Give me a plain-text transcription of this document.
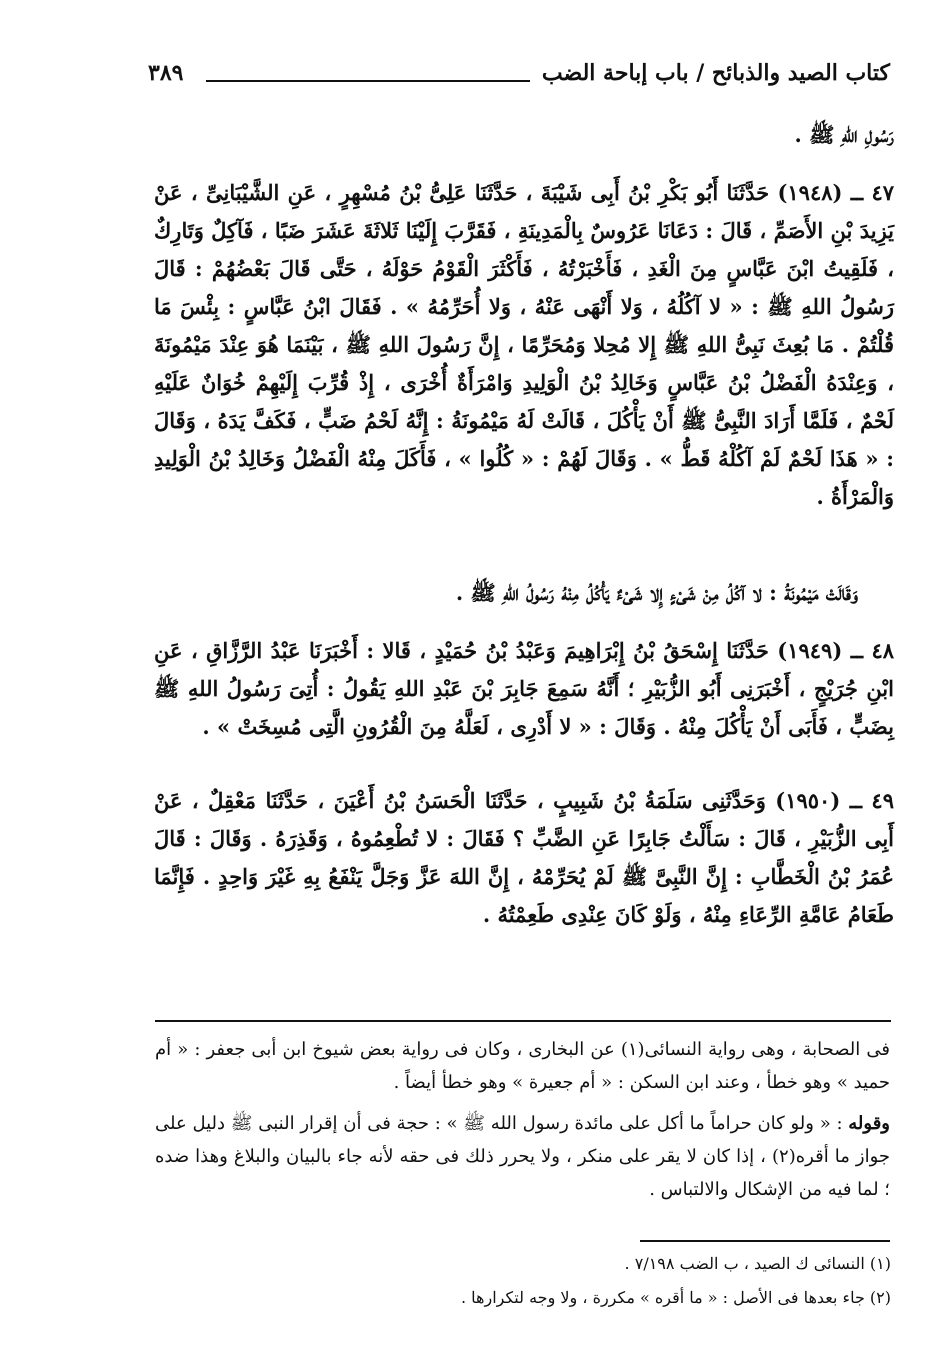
كتاب الصيد والذبائح / باب إباحة الضب
٣٨٩

رَسُولِ اللهِ ﷺ .

٤٧ ــ (١٩٤٨) حَدَّثَنَا أَبُو بَكْرِ بْنُ أَبِى شَيْبَةَ ، حَدَّثَنَا عَلِىُّ بْنُ مُسْهِرٍ ، عَنِ الشَّيْبَانِىِّ ، عَنْ يَزِيدَ بْنِ الأَصَمِّ ، قَالَ : دَعَانَا عَرُوسٌ بِالْمَدِينَةِ ، فَقَرَّبَ إِلَيْنَا ثَلاثَةَ عَشَرَ ضَبًا ، فَآكِلٌ وَتَارِكٌ ، فَلَقِيتُ ابْنَ عَبَّاسٍ مِنَ الْغَدِ ، فَأَخْبَرْتُهُ ، فَأَكْثَرَ الْقَوْمُ حَوْلَهُ ، حَتَّى قَالَ بَعْضُهُمْ : قَالَ رَسُولُ اللهِ ﷺ : « لا آكُلُهُ ، وَلا أَنْهَى عَنْهُ ، وَلا أُحَرِّمُهُ » . فَقَالَ ابْنُ عَبَّاسٍ : بِئْسَ مَا قُلْتُمْ . مَا بُعِثَ نَبِىُّ اللهِ ﷺ إِلا مُحِلا وَمُحَرِّمًا ، إِنَّ رَسُولَ اللهِ ﷺ ، بَيْنَمَا هُوَ عِنْدَ مَيْمُونَةَ ، وَعِنْدَهُ الْفَضْلُ بْنُ عَبَّاسٍ وَخَالِدُ بْنُ الْوَلِيدِ وَامْرَأَةٌ أُخْرَى ، إِذْ قُرِّبَ إِلَيْهِمْ خُوَانٌ عَلَيْهِ لَحْمٌ ، فَلَمَّا أَرَادَ النَّبِىُّ ﷺ أَنْ يَأْكُلَ ، قَالَتْ لَهُ مَيْمُونَةُ : إِنَّهُ لَحْمُ ضَبٍّ ، فَكَفَّ يَدَهُ ، وَقَالَ : « هَذَا لَحْمٌ لَمْ آكُلْهُ قَطُّ » . وَقَالَ لَهُمْ : « كُلُوا » ، فَأَكَلَ مِنْهُ الْفَضْلُ وَخَالِدُ بْنُ الْوَلِيدِ وَالْمَرْأَةُ .

وَقَالَتْ مَيْمُونَةُ : لا آكُلُ مِنْ شَىْءٍ إِلا شَىْءٌ يَأْكُلُ مِنْهُ رَسُولُ اللهِ ﷺ .

٤٨ ــ (١٩٤٩) حَدَّثَنَا إِسْحَقُ بْنُ إِبْرَاهِيمَ وَعَبْدُ بْنُ حُمَيْدٍ ، قَالا : أَخْبَرَنَا عَبْدُ الرَّزَّاقِ ، عَنِ ابْنِ جُرَيْجٍ ، أَخْبَرَنِى أَبُو الزُّبَيْرِ ؛ أَنَّهُ سَمِعَ جَابِرَ بْنَ عَبْدِ اللهِ يَقُولُ : أُتِىَ رَسُولُ اللهِ ﷺ بِضَبٍّ ، فَأَبَى أَنْ يَأْكُلَ مِنْهُ . وَقَالَ : « لا أَدْرِى ، لَعَلَّهُ مِنَ الْقُرُونِ الَّتِى مُسِخَتْ » .

٤٩ ــ (١٩٥٠) وَحَدَّثَنِى سَلَمَةُ بْنُ شَبِيبٍ ، حَدَّثَنَا الْحَسَنُ بْنُ أَعْيَنَ ، حَدَّثَنَا مَعْقِلٌ ، عَنْ أَبِى الزُّبَيْرِ ، قَالَ : سَأَلْتُ جَابِرًا عَنِ الضَّبِّ ؟ فَقَالَ : لا تُطْعِمُوهُ ، وَقَذِرَهُ . وَقَالَ : قَالَ عُمَرُ بْنُ الْخَطَّابِ : إِنَّ النَّبِىَّ ﷺ لَمْ يُحَرِّمْهُ ، إِنَّ اللهَ عَزَّ وَجَلَّ يَنْفَعُ بِهِ غَيْرَ وَاحِدٍ . فَإِنَّمَا طَعَامُ عَامَّةِ الرِّعَاءِ مِنْهُ ، وَلَوْ كَانَ عِنْدِى طَعِمْتُهُ .

فى الصحابة ، وهى رواية النسائى(١) عن البخارى ، وكان فى رواية بعض شيوخ ابن أبى جعفر : « أم حميد » وهو خطأ ، وعند ابن السكن : « أم جعيرة » وهو خطأ أيضاً .

وقوله : « ولو كان حراماً ما أكل على مائدة رسول الله ﷺ » : حجة فى أن إقرار النبى ﷺ دليل على جواز ما أقره(٢) ، إذا كان لا يقر على منكر ، ولا يحرر ذلك فى حقه لأنه جاء بالبيان والبلاغ وهذا ضده ؛ لما فيه من الإشكال والالتباس .

(١) النسائى ك الصيد ، ب الضب ٧/١٩٨ .

(٢) جاء بعدها فى الأصل : « ما أقره » مكررة ، ولا وجه لتكرارها .
